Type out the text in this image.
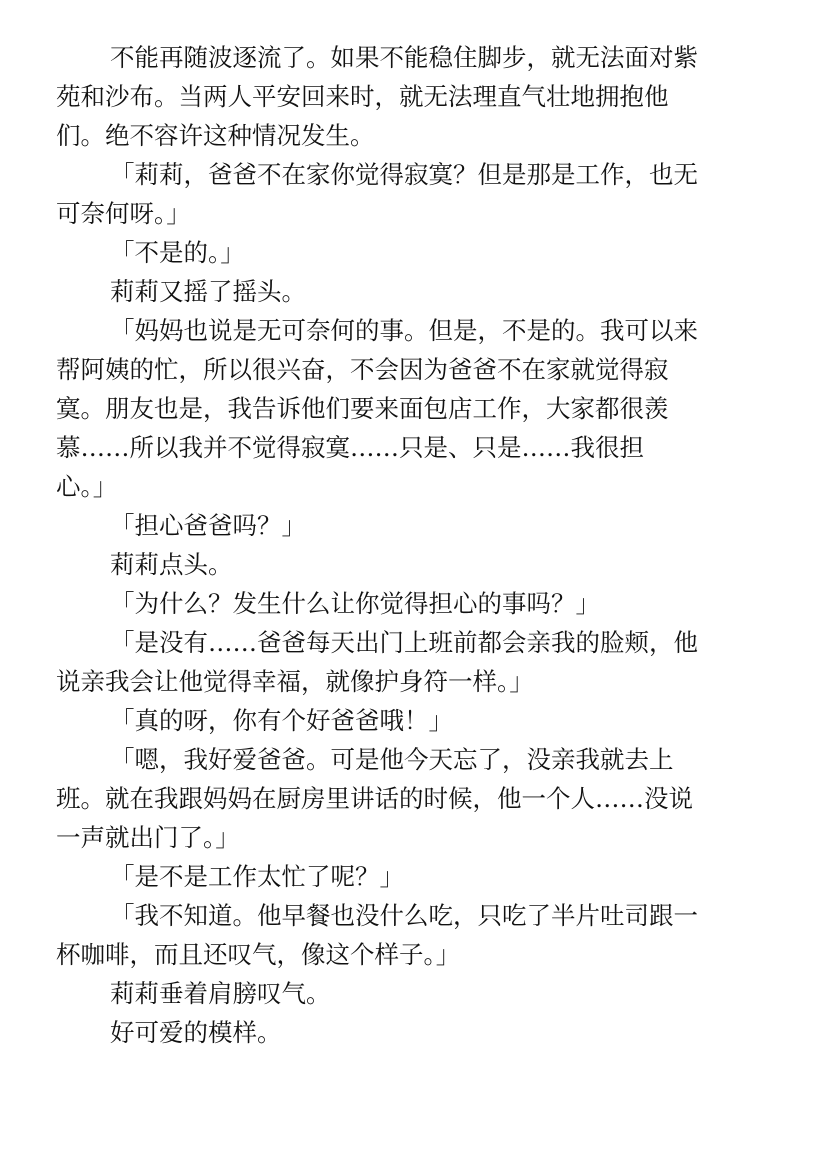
不能再随波逐流了。如果不能稳住脚步，就无法面对紫
苑和沙布。当两人平安回来时，就无法理直气壮地拥抱他
们。绝不容许这种情况发生。
「莉莉，爸爸不在家你觉得寂寞？但是那是工作，也无
可奈何呀。」
「不是的。」
莉莉又摇了摇头。
「妈妈也说是无可奈何的事。但是，不是的。我可以来
帮阿姨的忙，所以很兴奋，不会因为爸爸不在家就觉得寂
寞。朋友也是，我告诉他们要来面包店工作，大家都很羡
慕……所以我并不觉得寂寞……只是、只是……我很担
心。」
「担心爸爸吗？」
莉莉点头。
「为什么？发生什么让你觉得担心的事吗？」
「是没有……爸爸每天出门上班前都会亲我的脸颊，他
说亲我会让他觉得幸福，就像护身符一样。」
「真的呀，你有个好爸爸哦！」
「嗯，我好爱爸爸。可是他今天忘了，没亲我就去上
班。就在我跟妈妈在厨房里讲话的时候，他一个人……没说
一声就出门了。」
「是不是工作太忙了呢？」
「我不知道。他早餐也没什么吃，只吃了半片吐司跟一
杯咖啡，而且还叹气，像这个样子。」
莉莉垂着肩膀叹气。
好可爱的模样。
